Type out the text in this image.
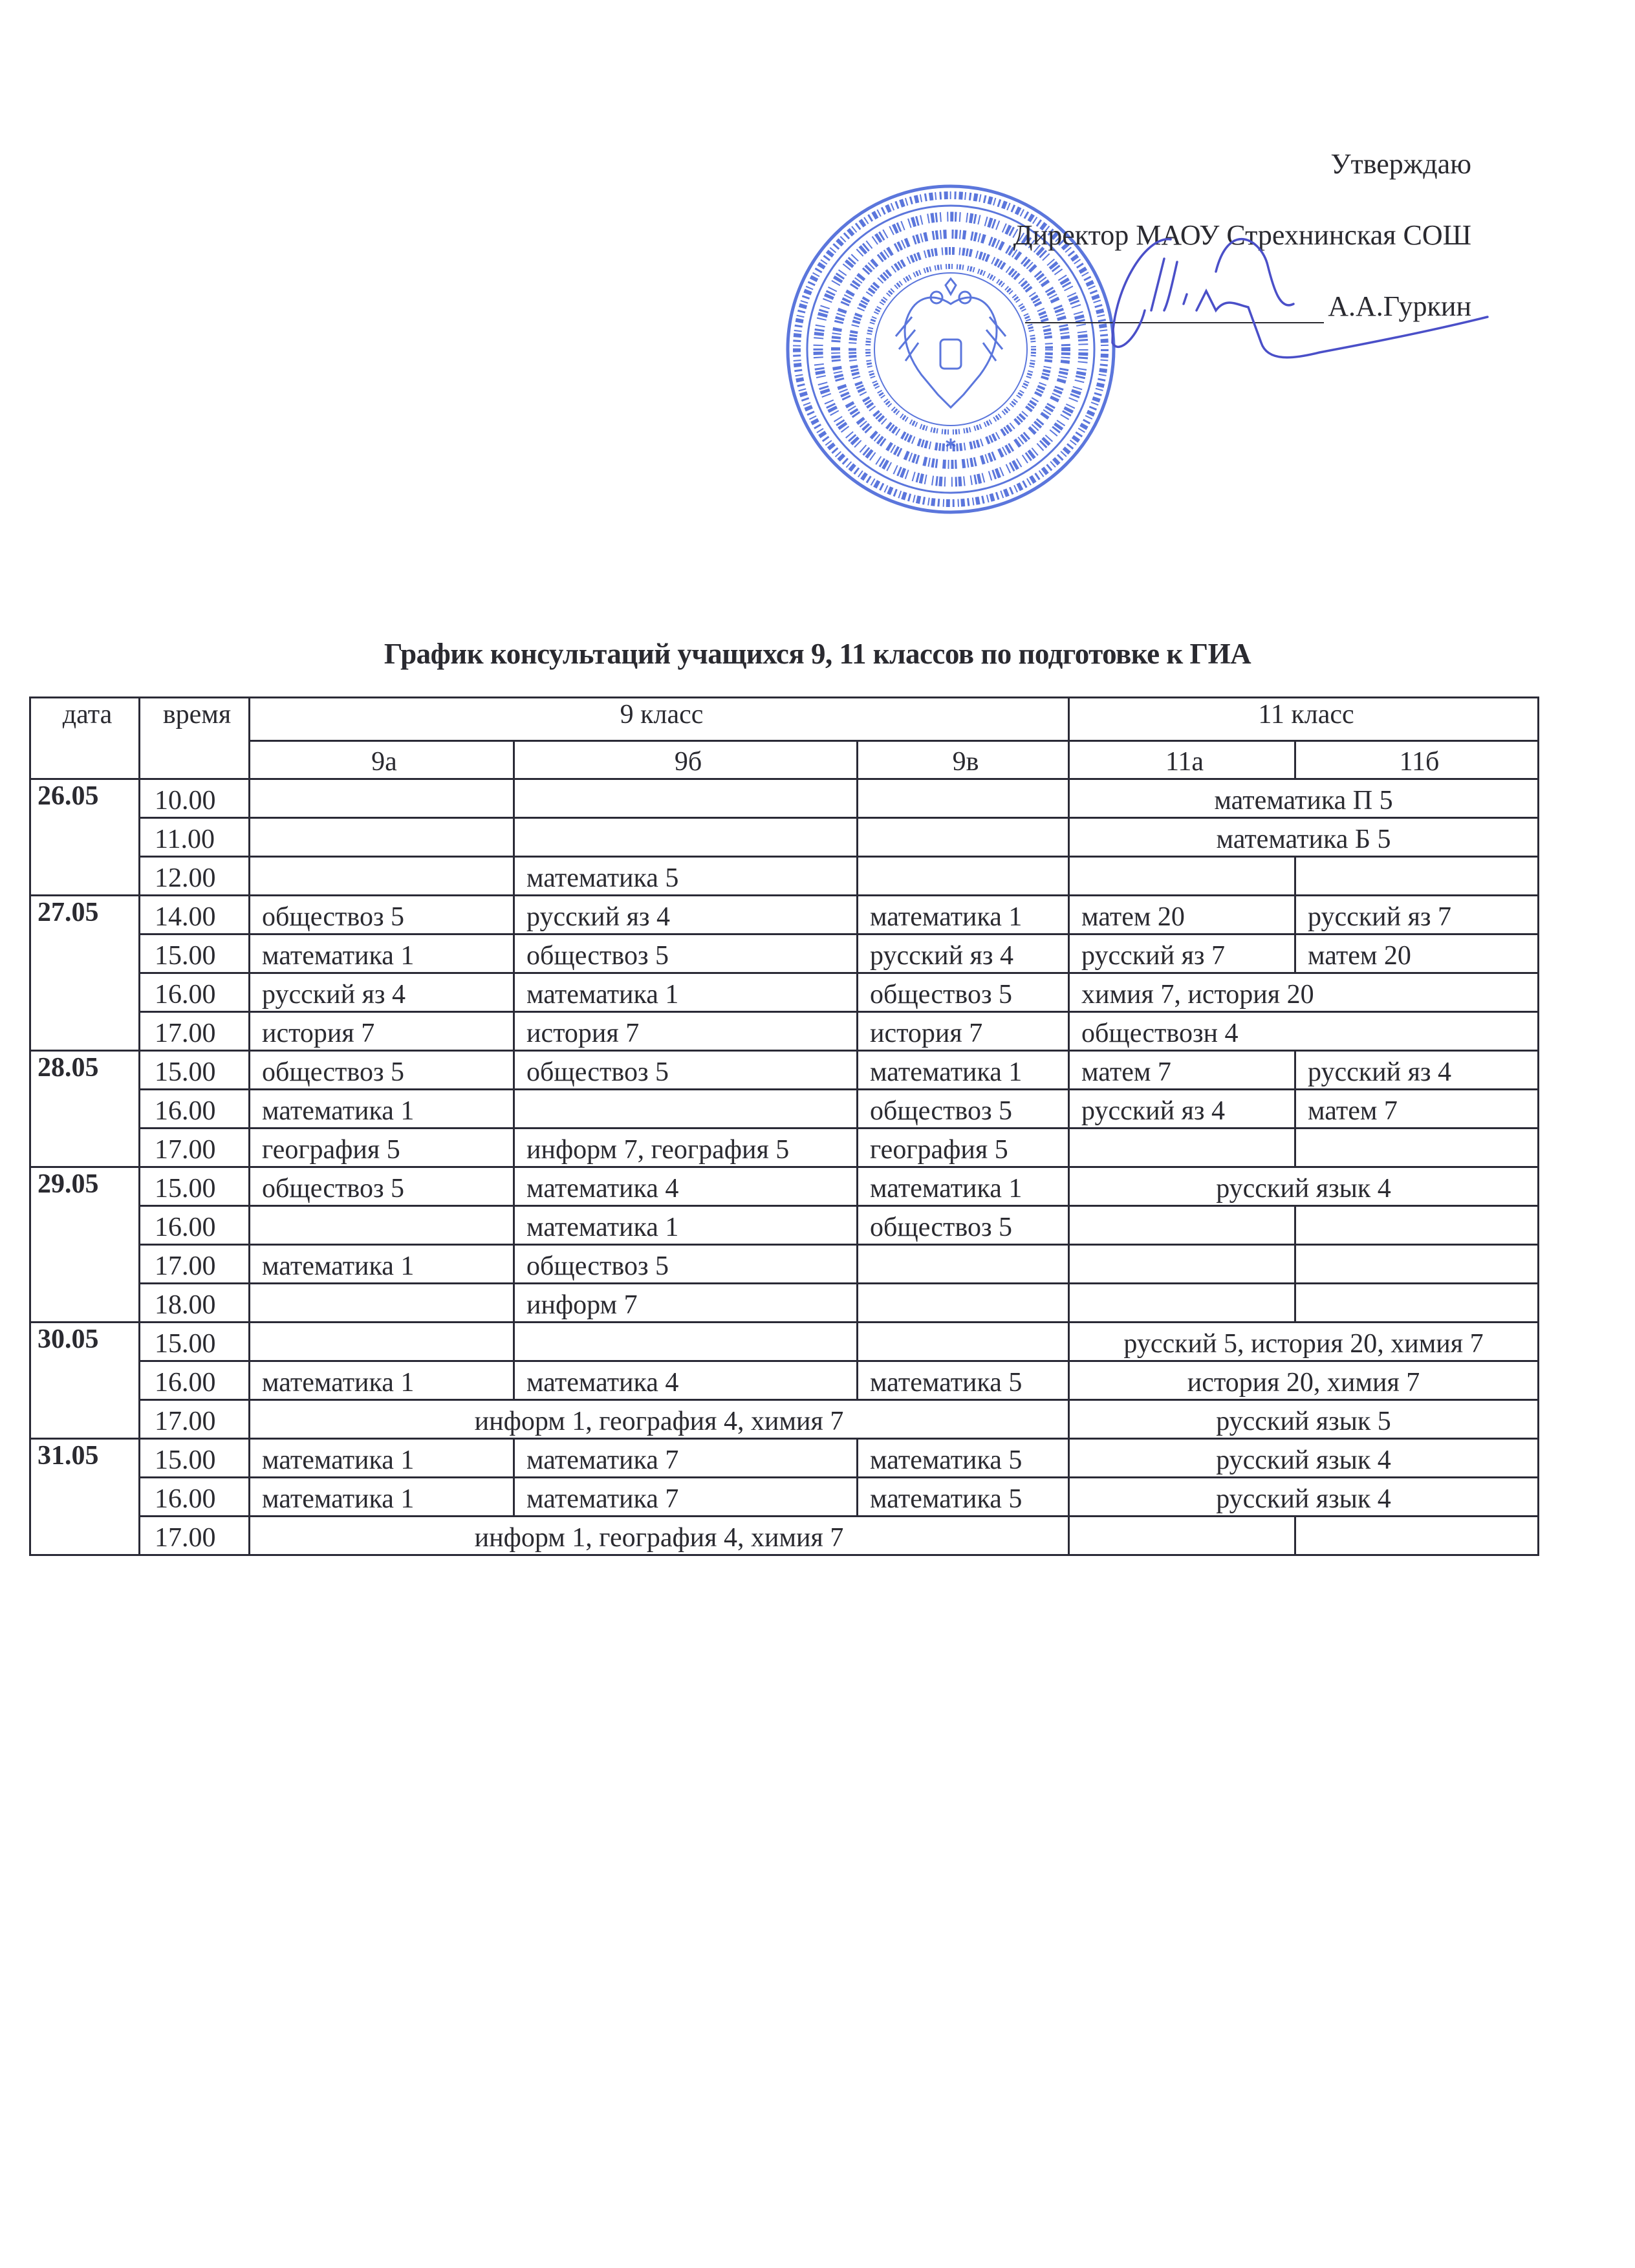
Утверждаю
Директор МАОУ Стрехнинская СОШ
А.А.Гуркин
График консультаций учащихся 9, 11 классов по подготовке к ГИА
дата	время	9 класс			11 класс	
		9а	9б	9в	11а	11б
26.05	10.00				математика П 5	
	11.00				математика Б 5	
	12.00		математика 5			
27.05	14.00	обществоз 5	русский яз 4	математика 1	матем 20	русский яз 7
	15.00	математика 1	обществоз 5	русский яз 4	русский яз 7	матем 20
	16.00	русский яз 4	математика 1	обществоз 5	химия 7, история 20	
	17.00	история 7	история 7	история 7	обществозн 4	
28.05	15.00	обществоз 5	обществоз 5	математика 1	матем 7	русский яз 4
	16.00	математика 1		обществоз 5	русский яз 4	матем 7
	17.00	география 5	информ 7, география 5	география 5		
29.05	15.00	обществоз 5	математика 4	математика 1	русский язык 4	
	16.00		математика 1	обществоз 5		
	17.00	математика 1	обществоз 5			
	18.00		информ 7			
30.05	15.00				русский 5, история 20, химия 7	
	16.00	математика 1	математика 4	математика 5	история 20, химия 7	
	17.00	информ 1, география 4, химия 7			русский язык 5	
31.05	15.00	математика 1	математика 7	математика 5	русский язык 4	
	16.00	математика 1	математика 7	математика 5	русский язык 4	
	17.00	информ 1, география 4, химия 7				
